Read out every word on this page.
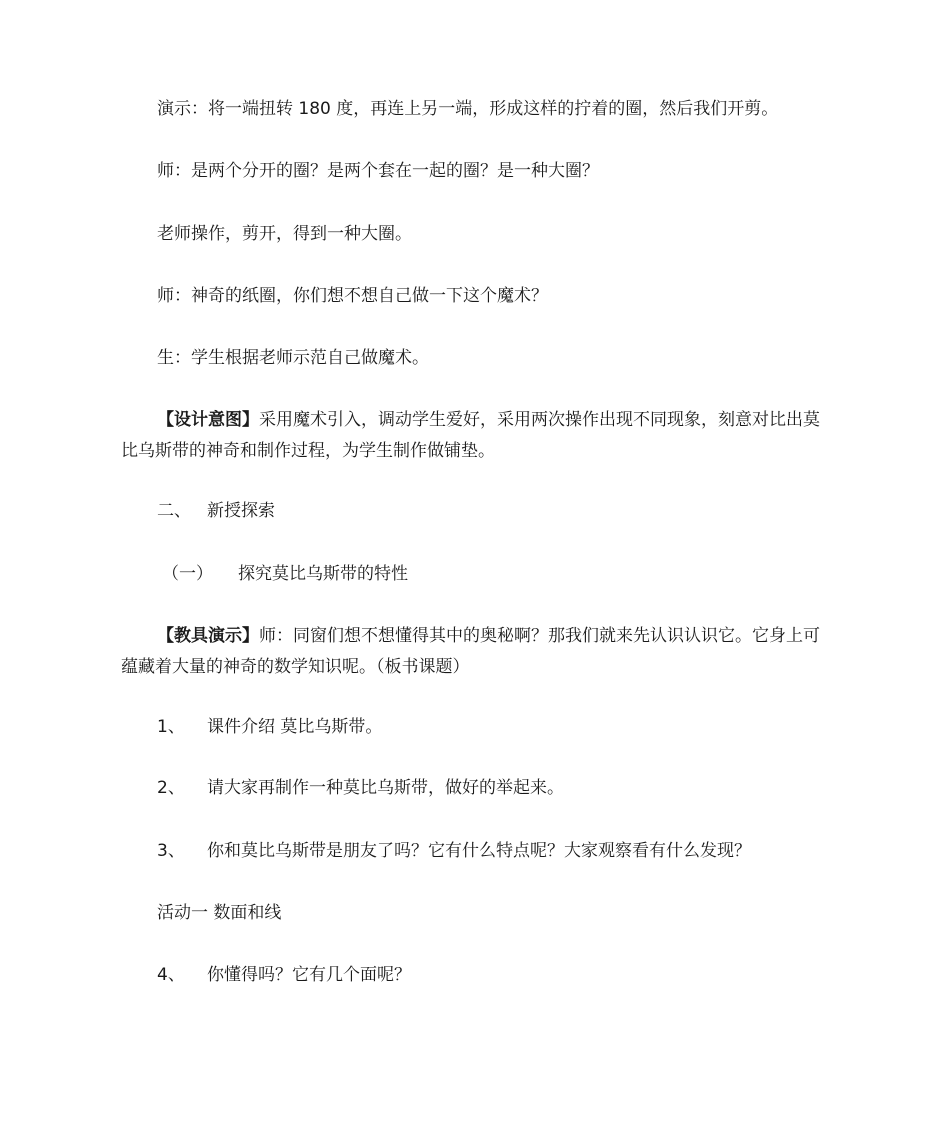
演示：将一端扭转 180 度，再连上另一端，形成这样的拧着的圈，然后我们开剪。
师：是两个分开的圈？是两个套在一起的圈？是一种大圈？
老师操作，剪开，得到一种大圈。
师：神奇的纸圈，你们想不想自己做一下这个魔术？
生：学生根据老师示范自己做魔术。
【设计意图】采用魔术引入，调动学生爱好，采用两次操作出现不同现象，刻意对比出莫比乌斯带的神奇和制作过程，为学生制作做铺垫。
二、 新授探索
（一） 探究莫比乌斯带的特性
【教具演示】师：同窗们想不想懂得其中的奥秘啊？那我们就来先认识认识它。它身上可蕴藏着大量的神奇的数学知识呢。（板书课题）
1、 课件介绍 莫比乌斯带。
2、 请大家再制作一种莫比乌斯带，做好的举起来。
3、 你和莫比乌斯带是朋友了吗？它有什么特点呢？大家观察看有什么发现？
活动一 数面和线
4、 你懂得吗？它有几个面呢？
